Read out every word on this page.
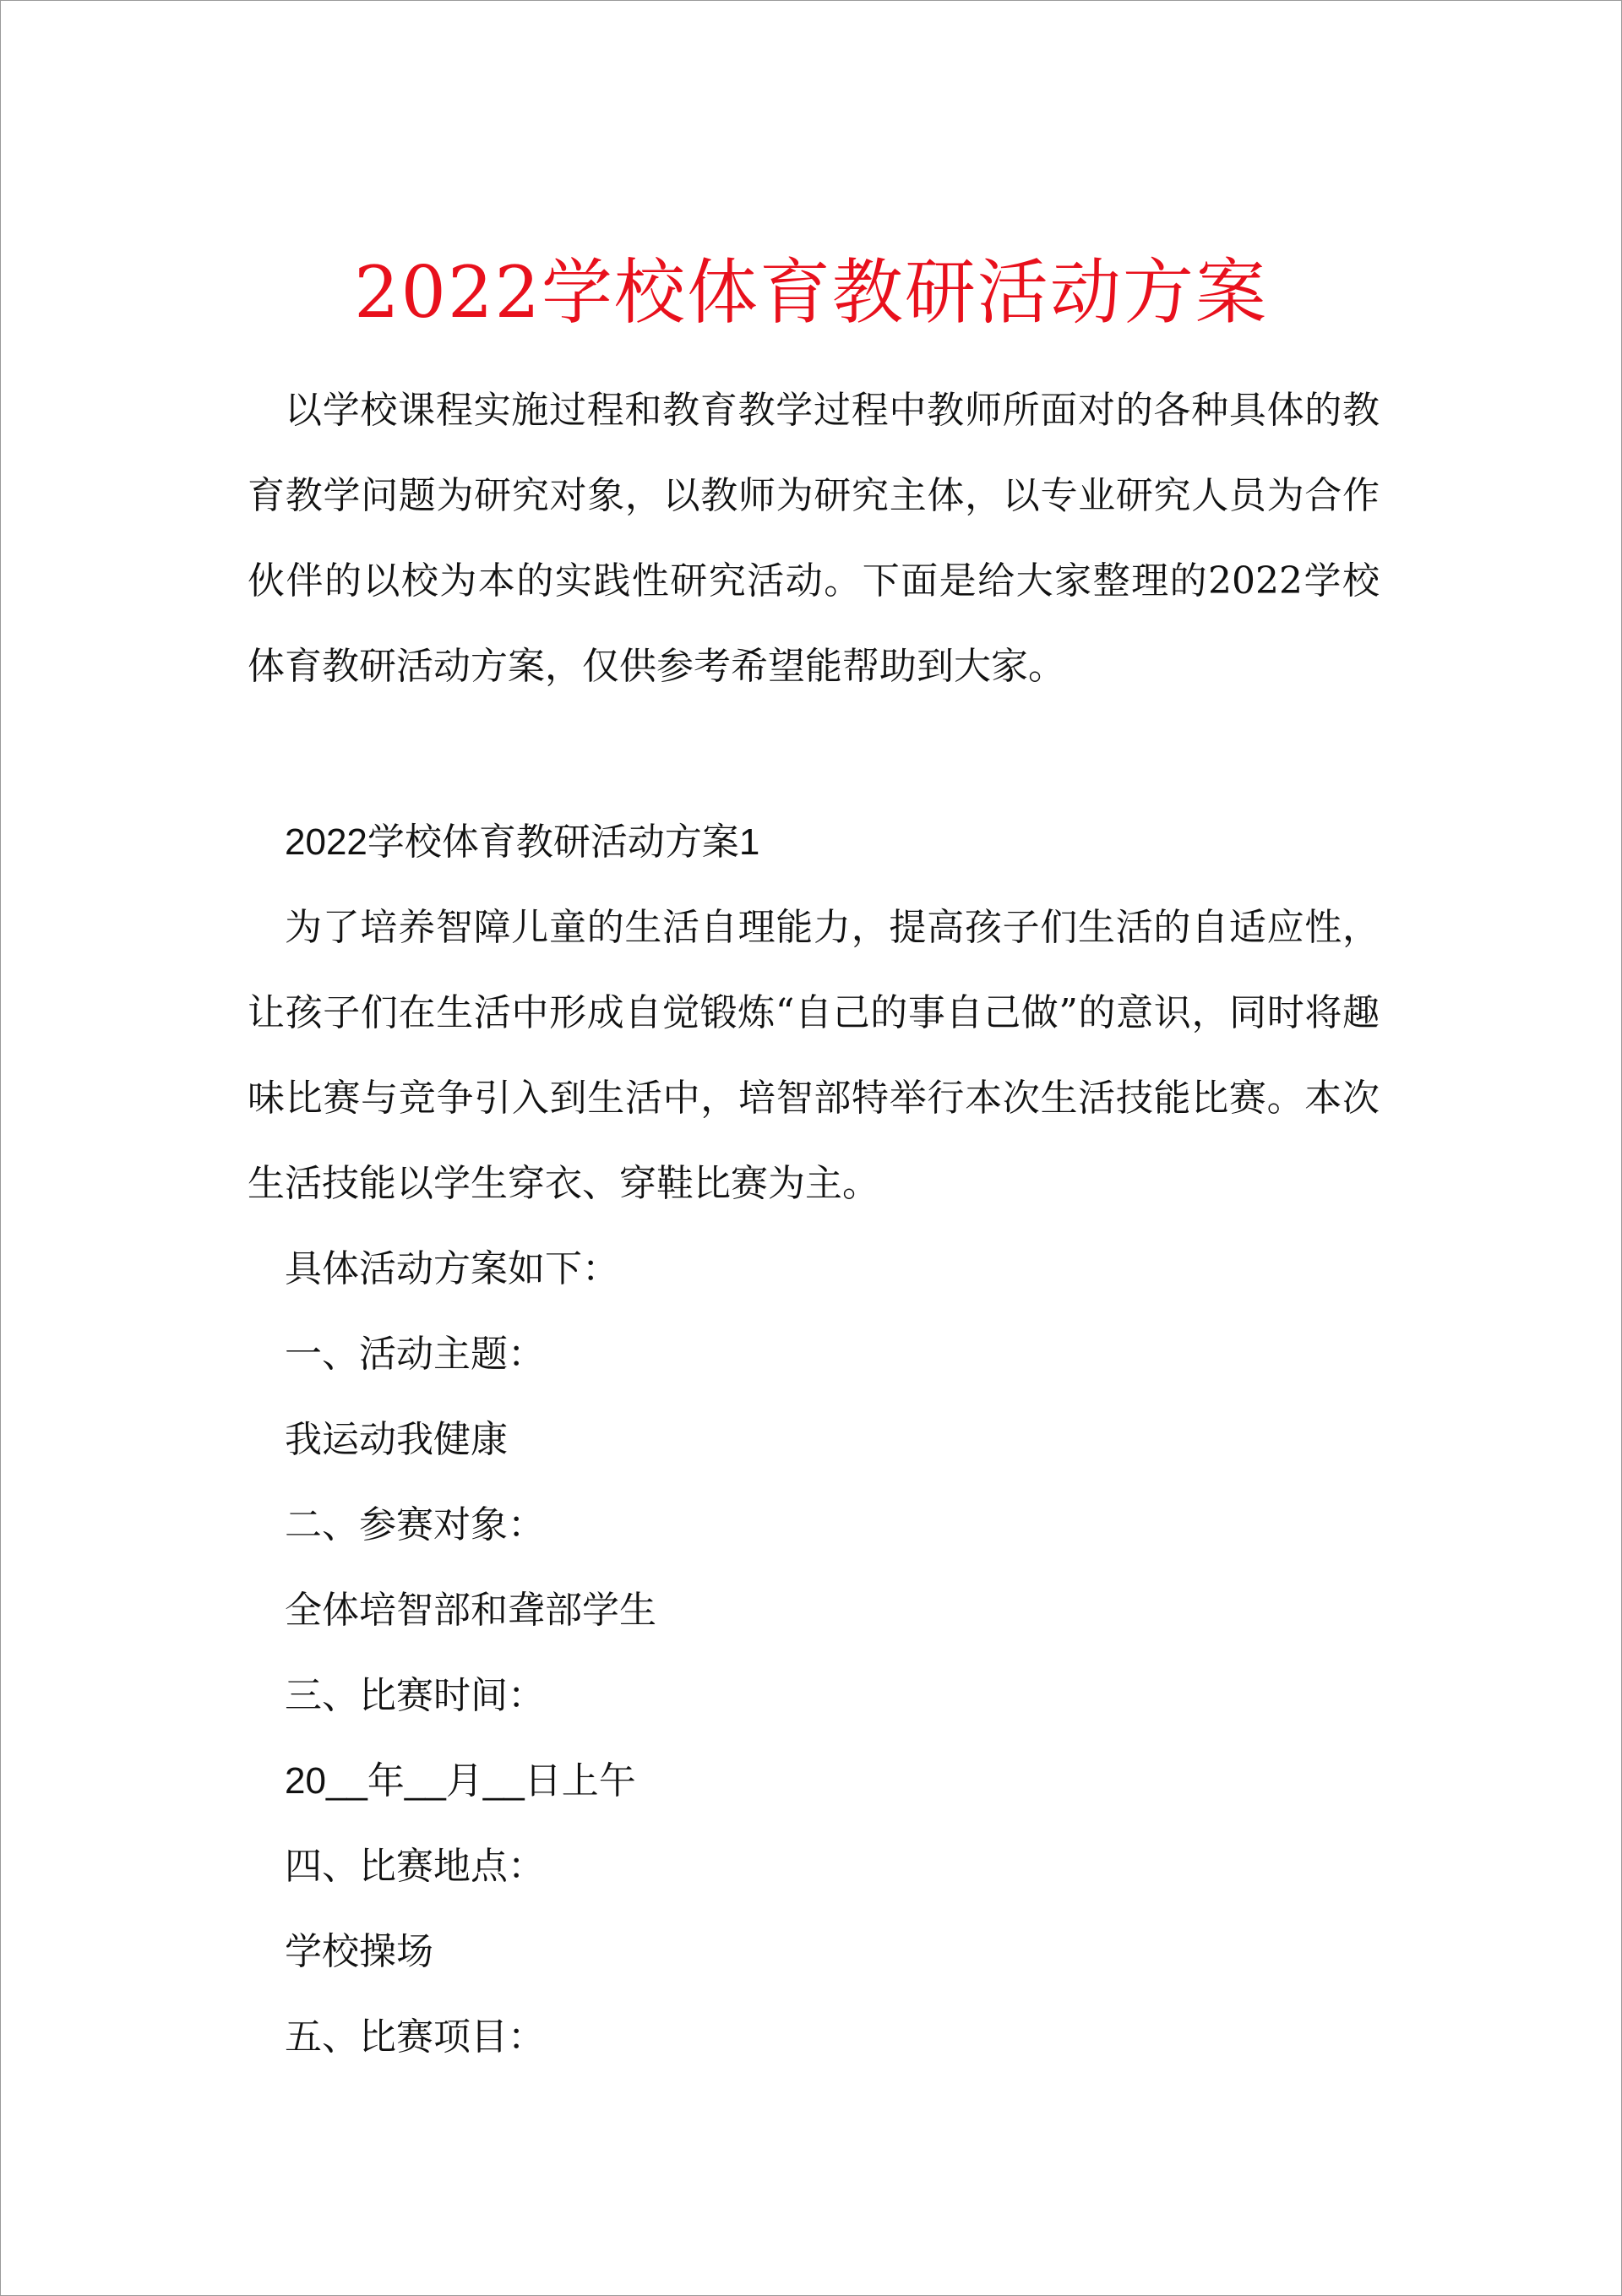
2022学校体育教研活动方案

以学校课程实施过程和教育教学过程中教师所面对的各种具体的教育教学问题为研究对象，以教师为研究主体，以专业研究人员为合作伙伴的以校为本的实践性研究活动。下面是给大家整理的2022学校体育教研活动方案，仅供参考希望能帮助到大家。

2022学校体育教研活动方案1

为了培养智障儿童的生活自理能力，提高孩子们生活的自适应性，让孩子们在生活中形成自觉锻炼“自己的事自己做”的意识，同时将趣味比赛与竞争引入到生活中，培智部特举行本次生活技能比赛。本次生活技能以学生穿衣、穿鞋比赛为主。

具体活动方案如下：

一、活动主题：

我运动我健康

二、参赛对象：

全体培智部和聋部学生

三、比赛时间：

20__年__月__日上午

四、比赛地点：

学校操场

五、比赛项目：
